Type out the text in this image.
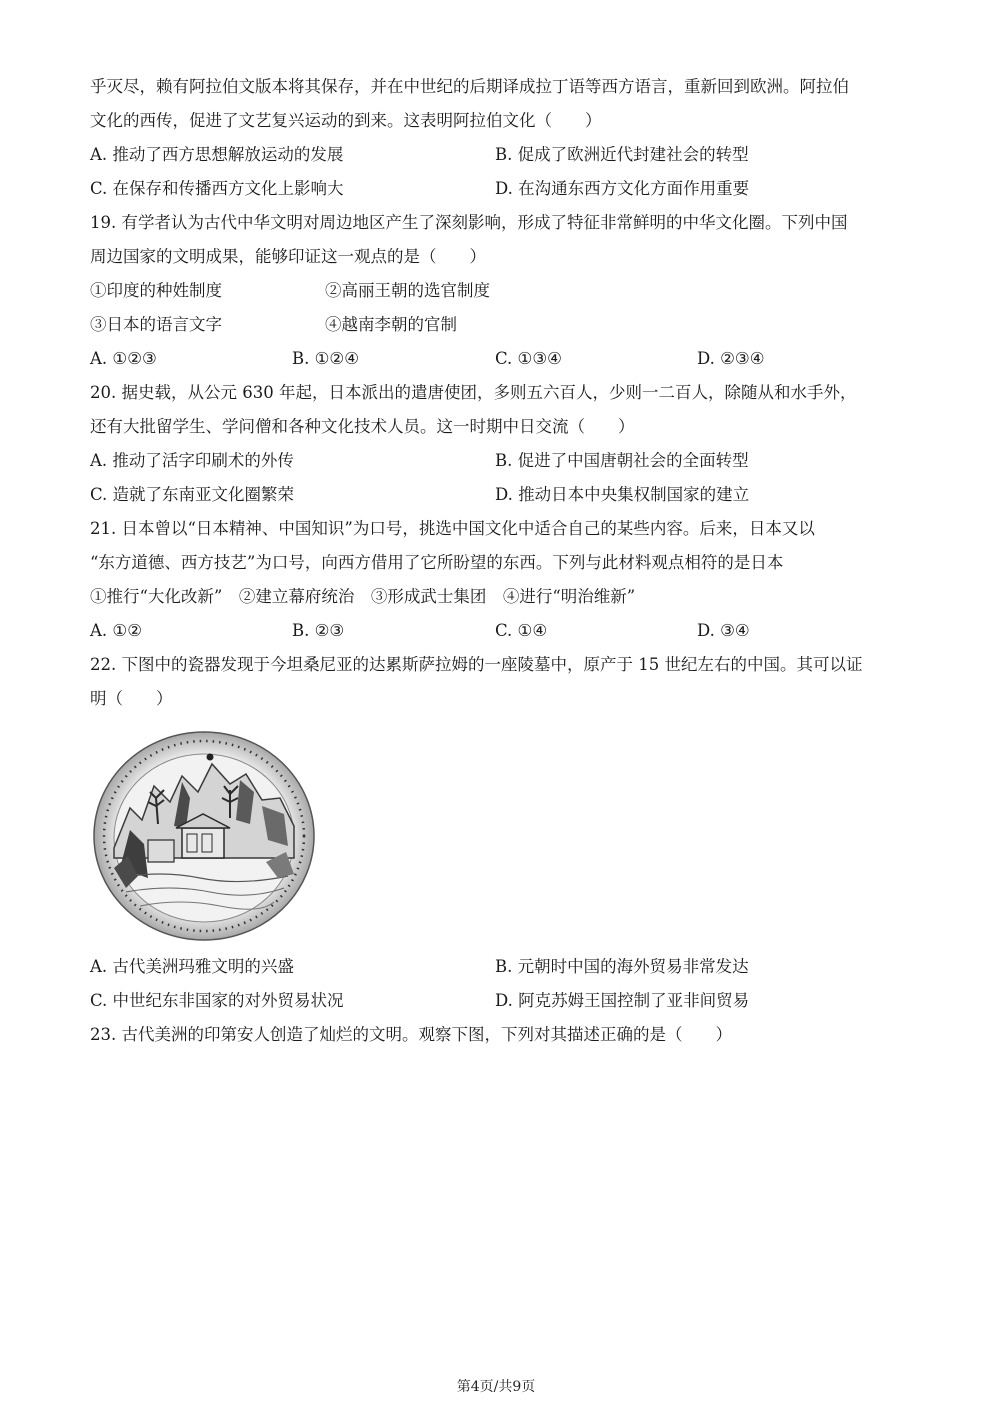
乎灭尽，赖有阿拉伯文版本将其保存，并在中世纪的后期译成拉丁语等西方语言，重新回到欧洲。阿拉伯
文化的西传，促进了文艺复兴运动的到来。这表明阿拉伯文化（　　）
A. 推动了西方思想解放运动的发展	B. 促成了欧洲近代封建社会的转型
C. 在保存和传播西方文化上影响大	D. 在沟通东西方文化方面作用重要
19. 有学者认为古代中华文明对周边地区产生了深刻影响，形成了特征非常鲜明的中华文化圈。下列中国
周边国家的文明成果，能够印证这一观点的是（　　）
①印度的种姓制度	②高丽王朝的选官制度
③日本的语言文字	④越南李朝的官制
A. ①②③	B. ①②④	C. ①③④	D. ②③④
20. 据史载，从公元 630 年起，日本派出的遣唐使团，多则五六百人，少则一二百人，除随从和水手外，
还有大批留学生、学问僧和各种文化技术人员。这一时期中日交流（　　）
A. 推动了活字印刷术的外传	B. 促进了中国唐朝社会的全面转型
C. 造就了东南亚文化圈繁荣	D. 推动日本中央集权制国家的建立
21. 日本曾以“日本精神、中国知识”为口号，挑选中国文化中适合自己的某些内容。后来，日本又以
“东方道德、西方技艺”为口号，向西方借用了它所盼望的东西。下列与此材料观点相符的是日本
①推行“大化改新”　②建立幕府统治　③形成武士集团　④进行“明治维新”
A. ①②	B. ②③	C. ①④	D. ③④
22. 下图中的瓷器发现于今坦桑尼亚的达累斯萨拉姆的一座陵墓中，原产于 15 世纪左右的中国。其可以证
明（　　）
A. 古代美洲玛雅文明的兴盛	B. 元朝时中国的海外贸易非常发达
C. 中世纪东非国家的对外贸易状况	D. 阿克苏姆王国控制了亚非间贸易
23. 古代美洲的印第安人创造了灿烂的文明。观察下图，下列对其描述正确的是（　　）
第4页/共9页
